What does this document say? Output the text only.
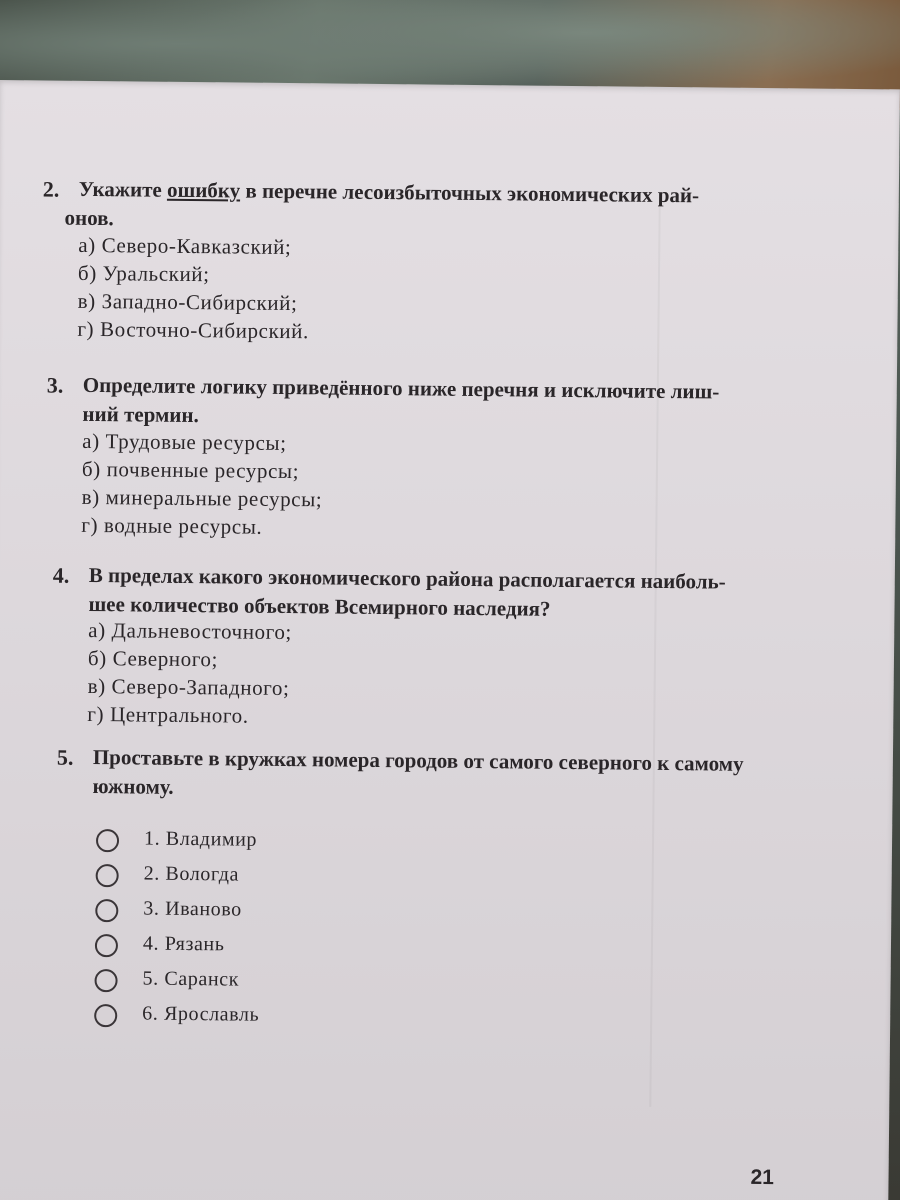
2. Укажите ошибку в перечне лесоизбыточных экономических рай-
онов.
а) Северо-Кавказский;
б) Уральский;
в) Западно-Сибирский;
г) Восточно-Сибирский.
3. Определите логику приведённого ниже перечня и исключите лиш-
ний термин.
а) Трудовые ресурсы;
б) почвенные ресурсы;
в) минеральные ресурсы;
г) водные ресурсы.
4. В пределах какого экономического района располагается наиболь-
шее количество объектов Всемирного наследия?
а) Дальневосточного;
б) Северного;
в) Северо-Западного;
г) Центрального.
5. Проставьте в кружках номера городов от самого северного к самому
южному.
1. Владимир
2. Вологда
3. Иваново
4. Рязань
5. Саранск
6. Ярославль
21
